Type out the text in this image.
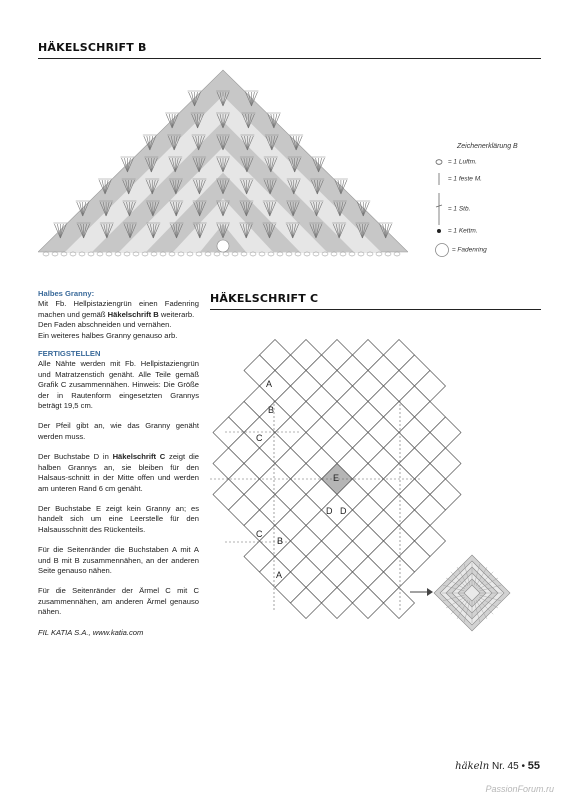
HÄKELSCHRIFT B
Zeichenerklärung B
= 1 Luftm.
= 1 feste M.
= 1 Stb.
= 1 Kettm.
= Fadenring
Halbes Granny:

Mit Fb. Hellpistaziengrün einen Fadenring machen und gemäß Häkelschrift B weiterarb.
Den Faden abschneiden und vernähen.
Ein weiteres halbes Granny genauso arb.

FERTIGSTELLEN

Alle Nähte werden mit Fb. Hellpistaziengrün und Matratzenstich genäht. Alle Teile gemäß Grafik C zusammennähen. Hinweis: Die Größe der in Rautenform eingesetzten Grannys beträgt 19,5 cm.

Der Pfeil gibt an, wie das Granny genäht werden muss.

Der Buchstabe D in Häkelschrift C zeigt die halben Grannys an, sie bleiben für den Halsaus-schnitt in der Mitte offen und werden am unteren Rand 6 cm genäht.

Der Buchstabe E zeigt kein Granny an; es handelt sich um eine Leerstelle für den Halsausschnitt des Rückenteils.

Für die Seitenränder die Buchstaben A mit A und B mit B zusammennähen, an der anderen Seite genauso nähen.

Für die Seitenränder der Ärmel C mit C zusammennähen, am anderen Ärmel genauso nähen.

FIL KATIA S.A., www.katia.com

HÄKELSCHRIFT C
A
B
C
E
D D
C
B
A
häkeln Nr. 45 • 55
PassionForum.ru
